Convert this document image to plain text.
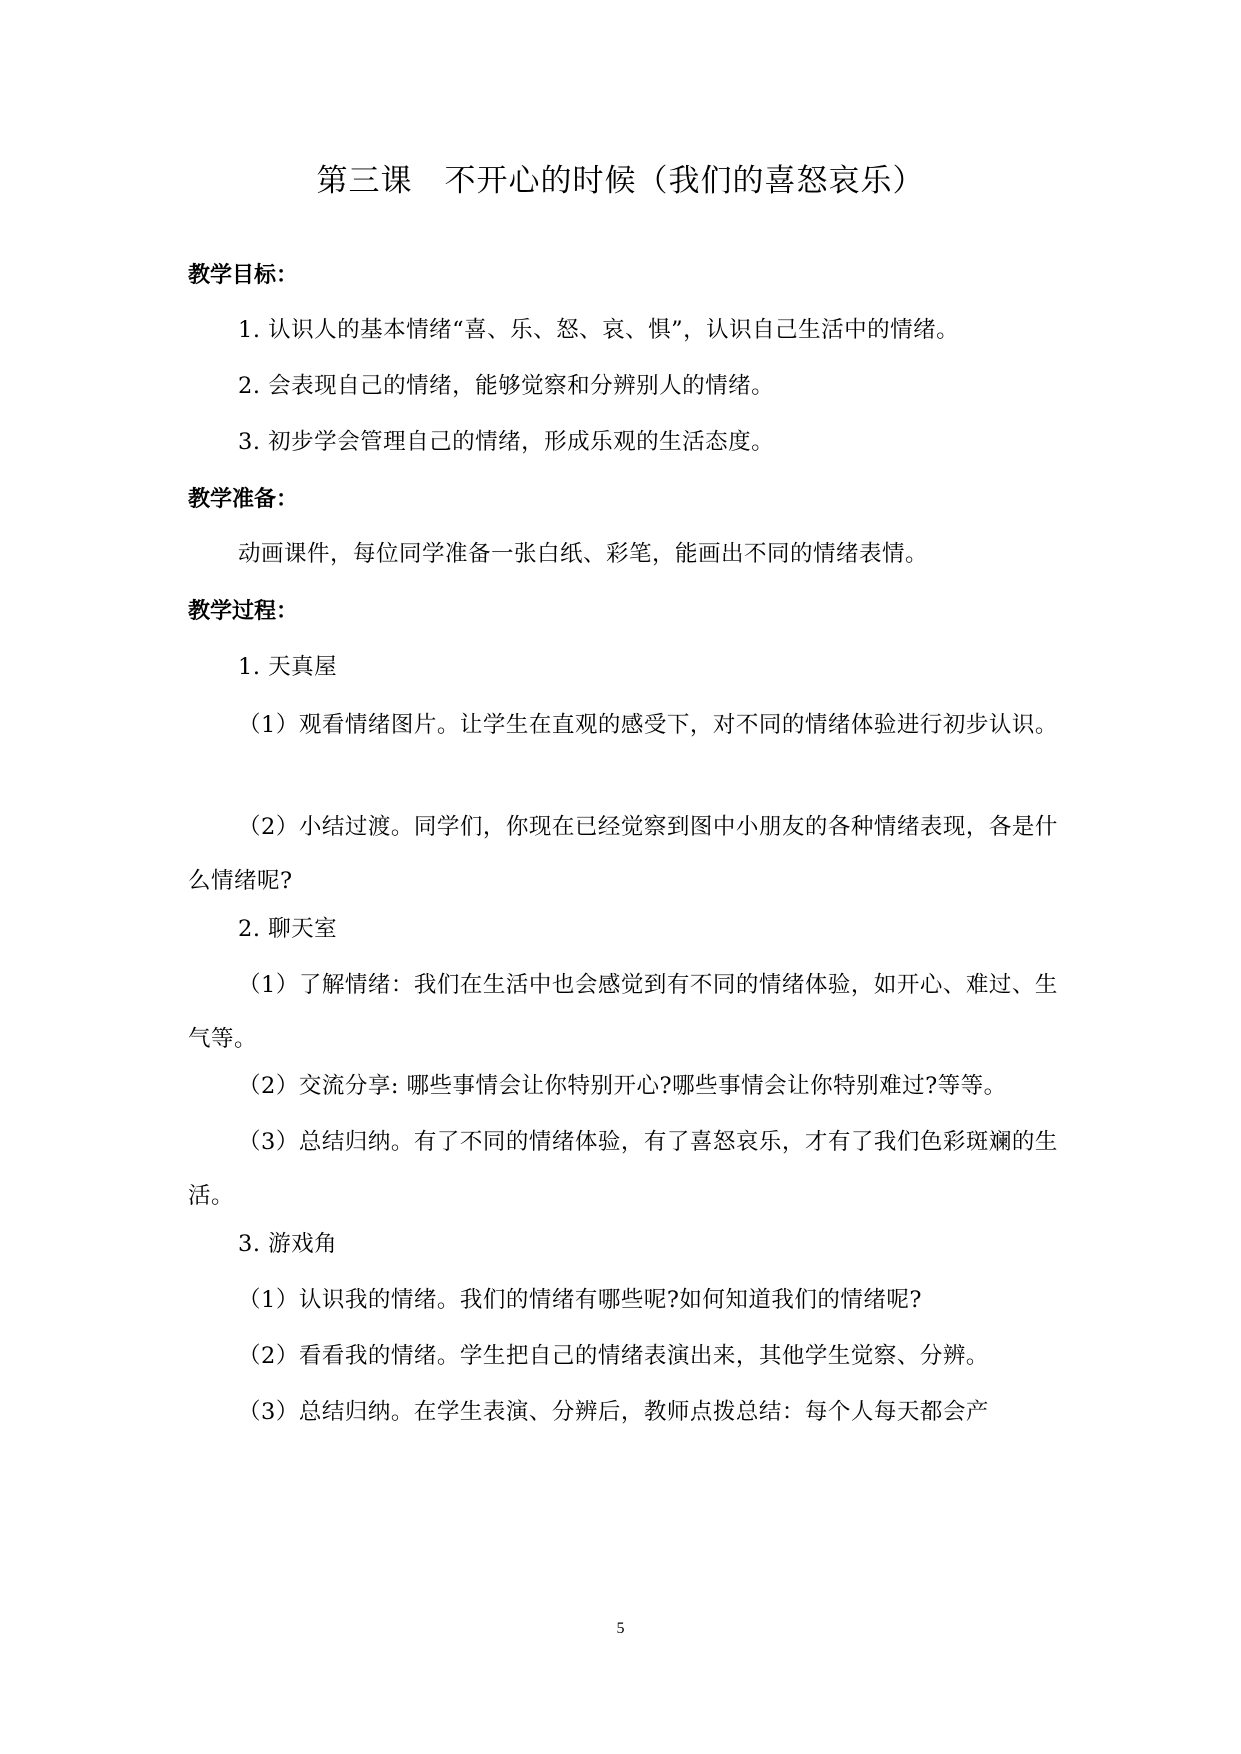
第三课　不开心的时候（我们的喜怒哀乐）
教学目标：
1. 认识人的基本情绪“喜、乐、怒、哀、惧”，认识自己生活中的情绪。
2. 会表现自己的情绪，能够觉察和分辨别人的情绪。
3. 初步学会管理自己的情绪，形成乐观的生活态度。
教学准备：
动画课件，每位同学准备一张白纸、彩笔，能画出不同的情绪表情。
教学过程：
1. 天真屋
（1）观看情绪图片。让学生在直观的感受下，对不同的情绪体验进行初步认识。
（2）小结过渡。同学们，你现在已经觉察到图中小朋友的各种情绪表现，各是什么情绪呢?
2. 聊天室
（1）了解情绪：我们在生活中也会感觉到有不同的情绪体验，如开心、难过、生气等。
（2）交流分享: 哪些事情会让你特别开心?哪些事情会让你特别难过?等等。
（3）总结归纳。有了不同的情绪体验，有了喜怒哀乐，才有了我们色彩斑斓的生活。
3. 游戏角
（1）认识我的情绪。我们的情绪有哪些呢?如何知道我们的情绪呢?
（2）看看我的情绪。学生把自己的情绪表演出来，其他学生觉察、分辨。
（3）总结归纳。在学生表演、分辨后，教师点拨总结：每个人每天都会产
5
